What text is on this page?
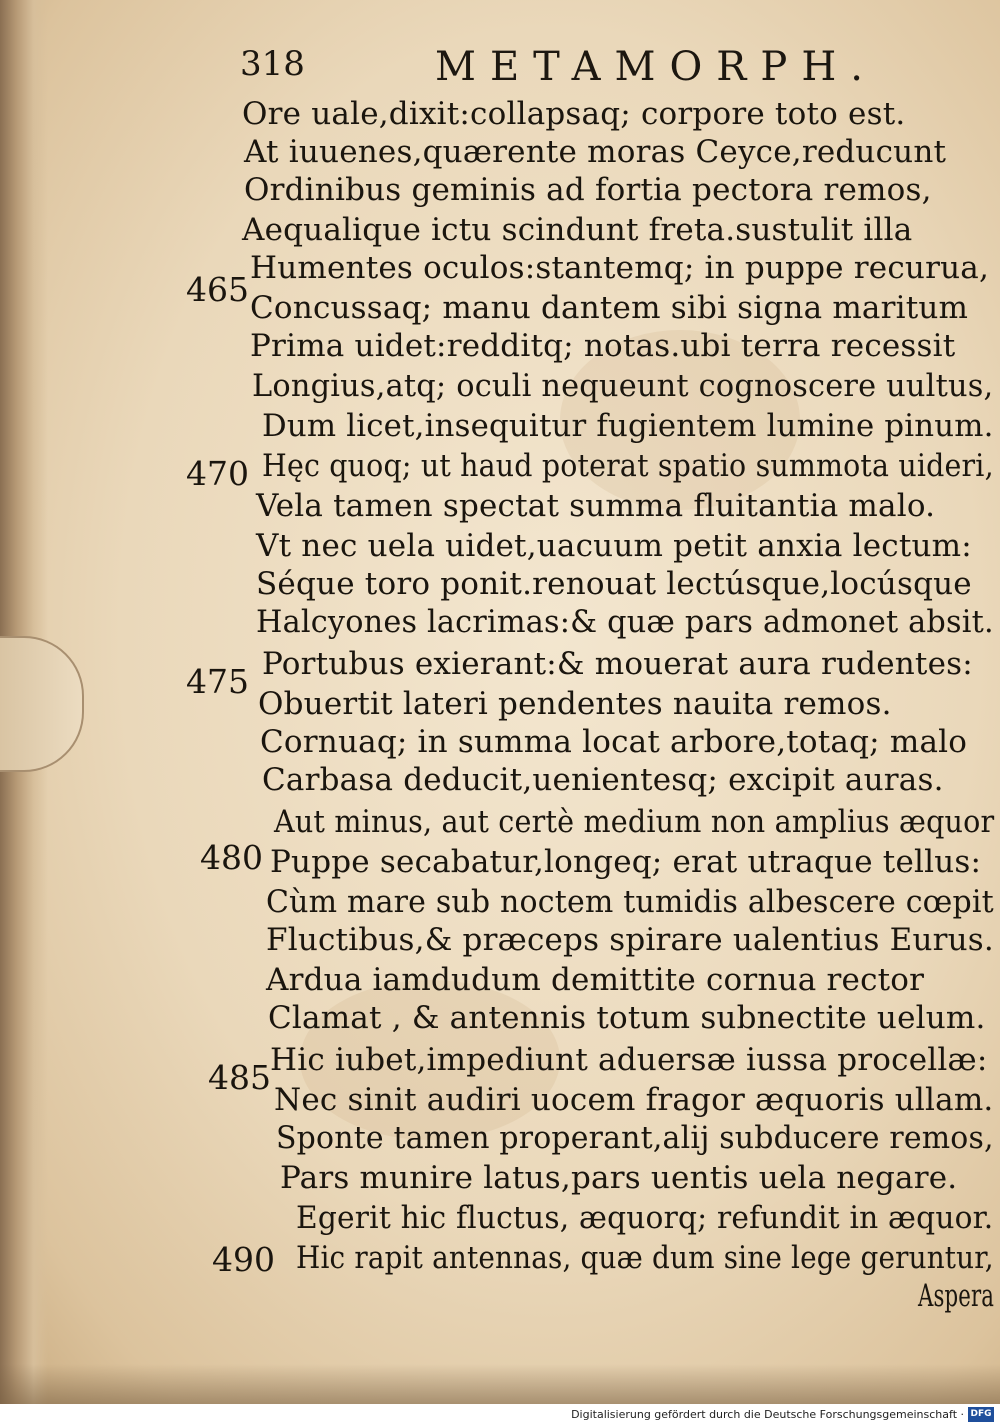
318	METAMORPH.
Ore uale,dixit:collapsaq; corpore toto est.
At iuuenes,quærente moras Ceyce,reducunt
Ordinibus geminis ad fortia pectora remos,
Aequalique ictu scindunt freta.sustulit illa
Humentes oculos:stantemq; in puppe recurua,
Concussaq; manu dantem sibi signa maritum
Prima uidet:redditq; notas.ubi terra recessit
Longius,atq; oculi nequeunt cognoscere uultus,
Dum licet,insequitur fugientem lumine pinum.
Hęc quoq; ut haud poterat spatio summota uideri,
Vela tamen spectat summa fluitantia malo.
Vt nec uela uidet,uacuum petit anxia lectum:
Séque toro ponit.renouat lectúsque,locúsque
Halcyones lacrimas:& quæ pars admonet absit.
Portubus exierant:& mouerat aura rudentes:
Obuertit lateri pendentes nauita remos.
Cornuaq; in summa locat arbore,totaq; malo
Carbasa deducit,uenientesq; excipit auras.
Aut minus, aut certè medium non amplius æquor
Puppe secabatur,longeq; erat utraque tellus:
Cùm mare sub noctem tumidis albescere cœpit
Fluctibus,& præceps spirare ualentius Eurus.
Ardua iamdudum demittite cornua rector
Clamat , & antennis totum subnectite uelum.
Hic iubet,impediunt aduersæ iussa procellæ:
Nec sinit audiri uocem fragor æquoris ullam.
Sponte tamen properant,alij subducere remos,
Pars munire latus,pars uentis uela negare.
Egerit hic fluctus, æquorq; refundit in æquor.
Hic rapit antennas, quæ dum sine lege geruntur,
Aspera
465
470
475
480
485
490
Digitalisierung gefördert durch die Deutsche Forschungsgemeinschaft · DFG
